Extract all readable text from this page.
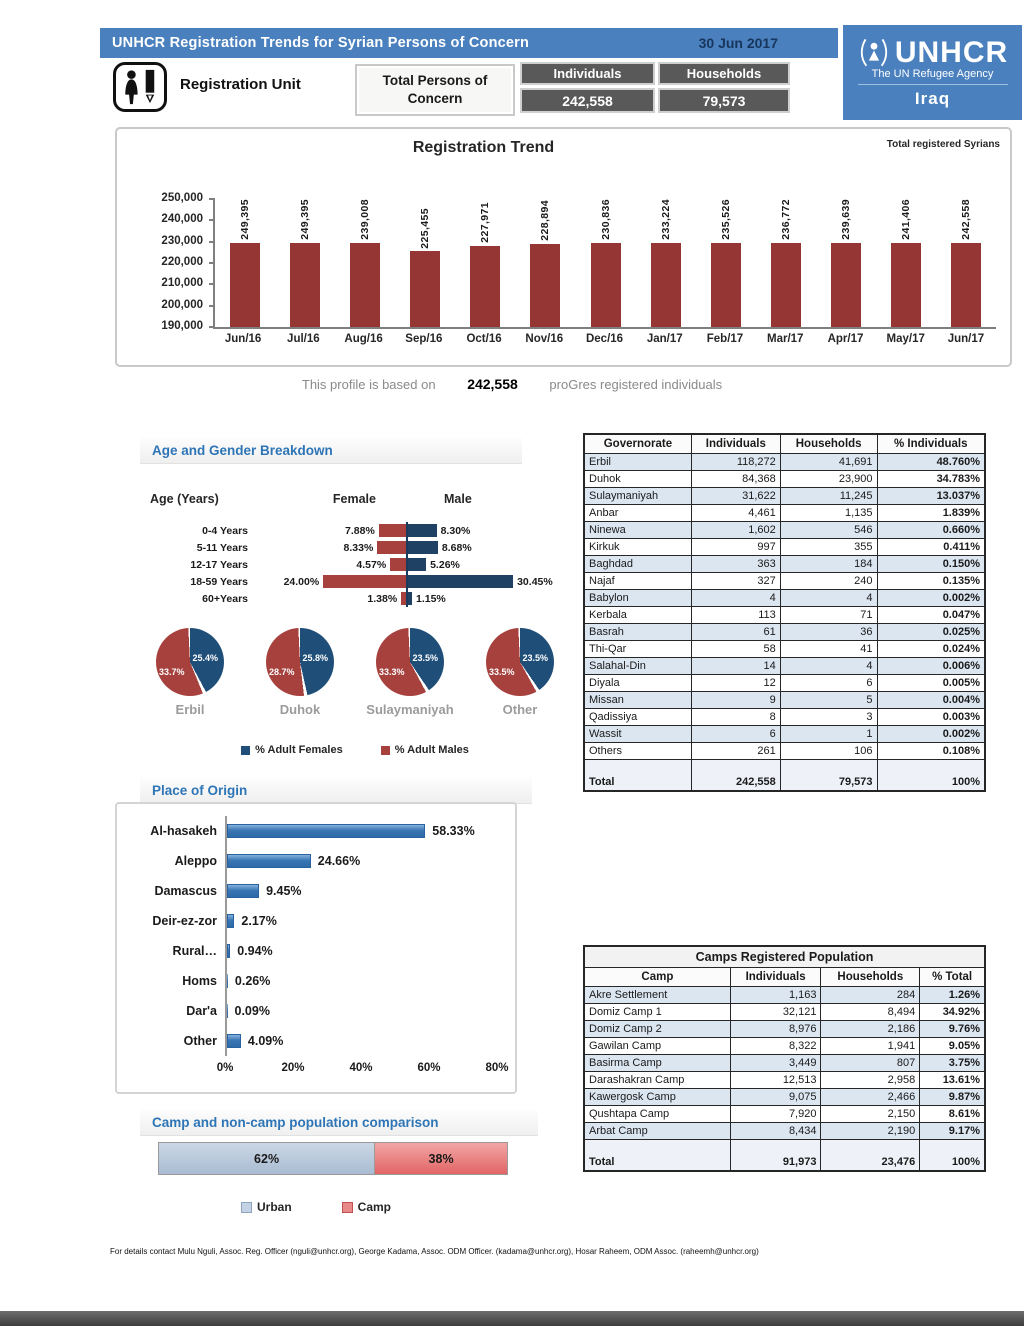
UNHCR Registration Trends for Syrian Persons of Concern	30 Jun 2017
Registration Unit	Total Persons of Concern
Individuals
242,558
Households
79,573
UNHCR
The UN Refugee Agency
Iraq
Registration Trend	Total registered Syrians
250,000
240,000
230,000
220,000
210,000
200,000
190,000
249,395	249,395	239,008	225,455	227,971	228,894	230,836	233,224	235,526	236,772	239,639	241,406	242,558
Jun/16	Jul/16	Aug/16	Sep/16	Oct/16	Nov/16	Dec/16	Jan/17	Feb/17	Mar/17	Apr/17	May/17	Jun/17
This profile is based on 242,558 proGres registered individuals
Age and Gender Breakdown
Age (Years)	Female	Male
0-4 Years	7.88%	8.30%
5-11 Years	8.33%	8.68%
12-17 Years	4.57%	5.26%
18-59 Years	24.00%	30.45%
60+Years	1.38% 1.15%
25.4%
33.7%
Erbil
25.8%
28.7%
Duhok
23.5%
33.3%
Sulaymaniyah
23.5%
33.5%
Other
% Adult Females	% Adult Males
Place of Origin
Al-hasakeh	58.33%
Aleppo	24.66%
Damascus	9.45%
Deir-ez-zor	2.17%
Rural…	0.94%
Homs	0.26%
Dar'a	0.09%
Other	4.09%
0%	20%	40%	60%	80%
Camp and non-camp population comparison
62%	38%
Urban	Camp
Governorate	Individuals	Households	% Individuals
Erbil	118,272	41,691	48.760%
Duhok	84,368	23,900	34.783%
Sulaymaniyah	31,622	11,245	13.037%
Anbar	4,461	1,135	1.839%
Ninewa	1,602	546	0.660%
Kirkuk	997	355	0.411%
Baghdad	363	184	0.150%
Najaf	327	240	0.135%
Babylon	4	4	0.002%
Kerbala	113	71	0.047%
Basrah	61	36	0.025%
Thi-Qar	58	41	0.024%
Salahal-Din	14	4	0.006%
Diyala	12	6	0.005%
Missan	9	5	0.004%
Qadissiya	8	3	0.003%
Wassit	6	1	0.002%
Others	261	106	0.108%
Total	242,558	79,573	100%
Camps Registered Population			
Camp	Individuals	Households	% Total
Akre Settlement	1,163	284	1.26%
Domiz Camp 1	32,121	8,494	34.92%
Domiz Camp 2	8,976	2,186	9.76%
Gawilan Camp	8,322	1,941	9.05%
Basirma Camp	3,449	807	3.75%
Darashakran Camp	12,513	2,958	13.61%
Kawergosk Camp	9,075	2,466	9.87%
Qushtapa Camp	7,920	2,150	8.61%
Arbat Camp	8,434	2,190	9.17%
Total	91,973	23,476	100%
For details contact Mulu Nguli, Assoc. Reg. Officer (nguli@unhcr.org), George Kadama, Assoc. ODM Officer. (kadama@unhcr.org), Hosar Raheem, ODM Assoc. (raheemh@unhcr.org)
